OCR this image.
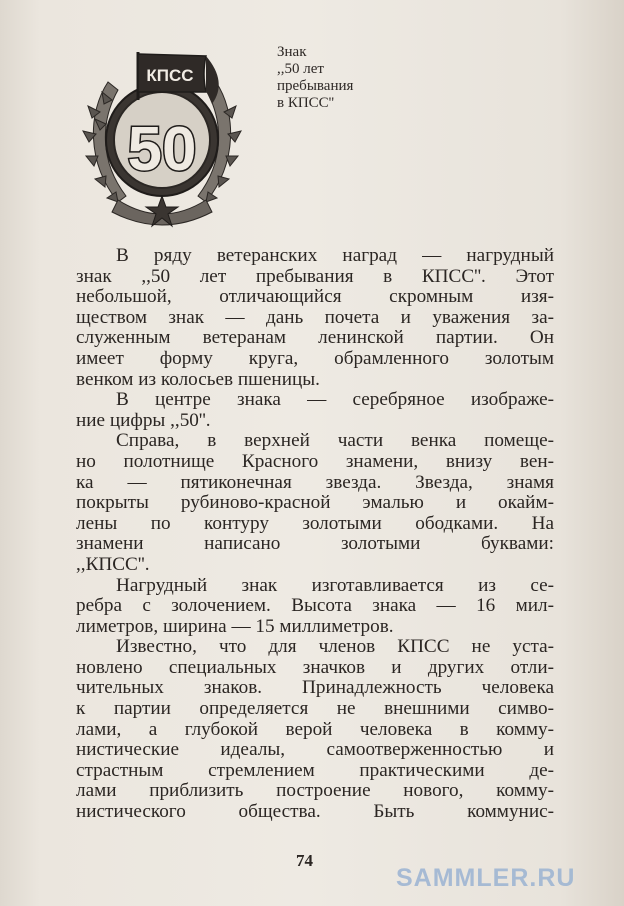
КПСС
50
Знак
,,50 лет
пребывания
в КПСС''
В ряду ветеранских наград — нагрудный
знак ,,50 лет пребывания в КПСС''. Этот
небольшой, отличающийся скромным изя-
ществом знак — дань почета и уважения за-
служенным ветеранам ленинской партии. Он
имеет форму круга, обрамленного золотым
венком из колосьев пшеницы.
В центре знака — серебряное изображе-
ние цифры ,,50''.
Справа, в верхней части венка помеще-
но полотнище Красного знамени, внизу вен-
ка — пятиконечная звезда. Звезда, знамя
покрыты рубиново-красной эмалью и окайм-
лены по контуру золотыми ободками. На
знамени написано золотыми буквами:
,,КПСС''.
Нагрудный знак изготавливается из се-
ребра с золочением. Высота знака — 16 мил-
лиметров, ширина — 15 миллиметров.
Известно, что для членов КПСС не уста-
новлено специальных значков и других отли-
чительных знаков. Принадлежность человека
к партии определяется не внешними симво-
лами, а глубокой верой человека в комму-
нистические идеалы, самоотверженностью и
страстным стремлением практическими де-
лами приблизить построение нового, комму-
нистического общества. Быть коммунис-
74
SAMMLER.RU
